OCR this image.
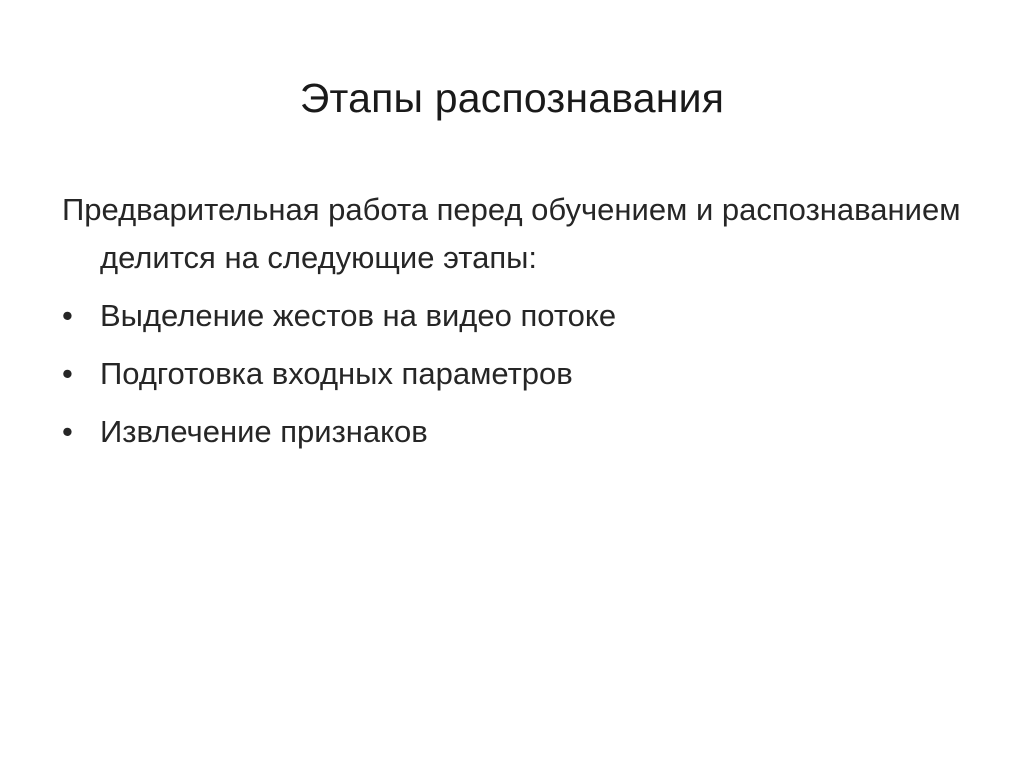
Этапы распознавания

Предварительная работа перед обучением и распознаванием делится на следующие этапы:

• Выделение жестов на видео потоке
• Подготовка входных параметров
• Извлечение признаков
